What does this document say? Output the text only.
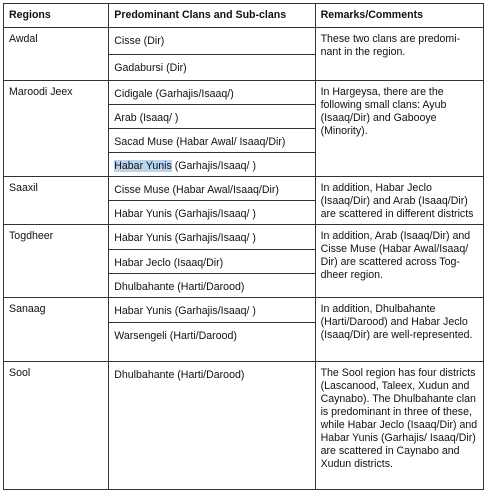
Regions	Predominant Clans and Sub-clans	Remarks/Comments
Awdal	Cisse (Dir)	These two clans are predomi-nant in the region.
	Gadabursi (Dir)	
Maroodi Jeex	Cidigale (Garhajis/Isaaq/)	In Hargeysa, there are the following small clans: Ayub (Isaaq/Dir) and Gabooye (Minority).
	Arab (Isaaq/ )	
	Sacad Muse (Habar Awal/ Isaaq/Dir)	
	Habar Yunis (Garhajis/Isaaq/ )	
Saaxil	Cisse Muse (Habar Awal/Isaaq/Dir)	In addition, Habar Jeclo (Isaaq/Dir) and Arab (Isaaq/Dir) are scattered in different districts
	Habar Yunis (Garhajis/Isaaq/ )	
Togdheer	Habar Yunis (Garhajis/Isaaq/ )	In addition, Arab (Isaaq/Dir) and Cisse Muse (Habar Awal/Isaaq/ Dir) are scattered across Tog-dheer region.
	Habar Jeclo (Isaaq/Dir)	
	Dhulbahante (Harti/Darood)	
Sanaag	Habar Yunis (Garhajis/Isaaq/ )	In addition, Dhulbahante (Harti/Darood) and Habar Jeclo (Isaaq/Dir) are well-represented.
	Warsengeli (Harti/Darood)	
Sool	Dhulbahante (Harti/Darood)	The Sool region has four districts (Lascanood, Taleex, Xudun and Caynabo). The Dhulbahante clan is predominant in three of these, while Habar Jeclo (Isaaq/Dir) and Habar Yunis (Garhajis/ Isaaq/Dir) are scattered in Caynabo and Xudun districts.
